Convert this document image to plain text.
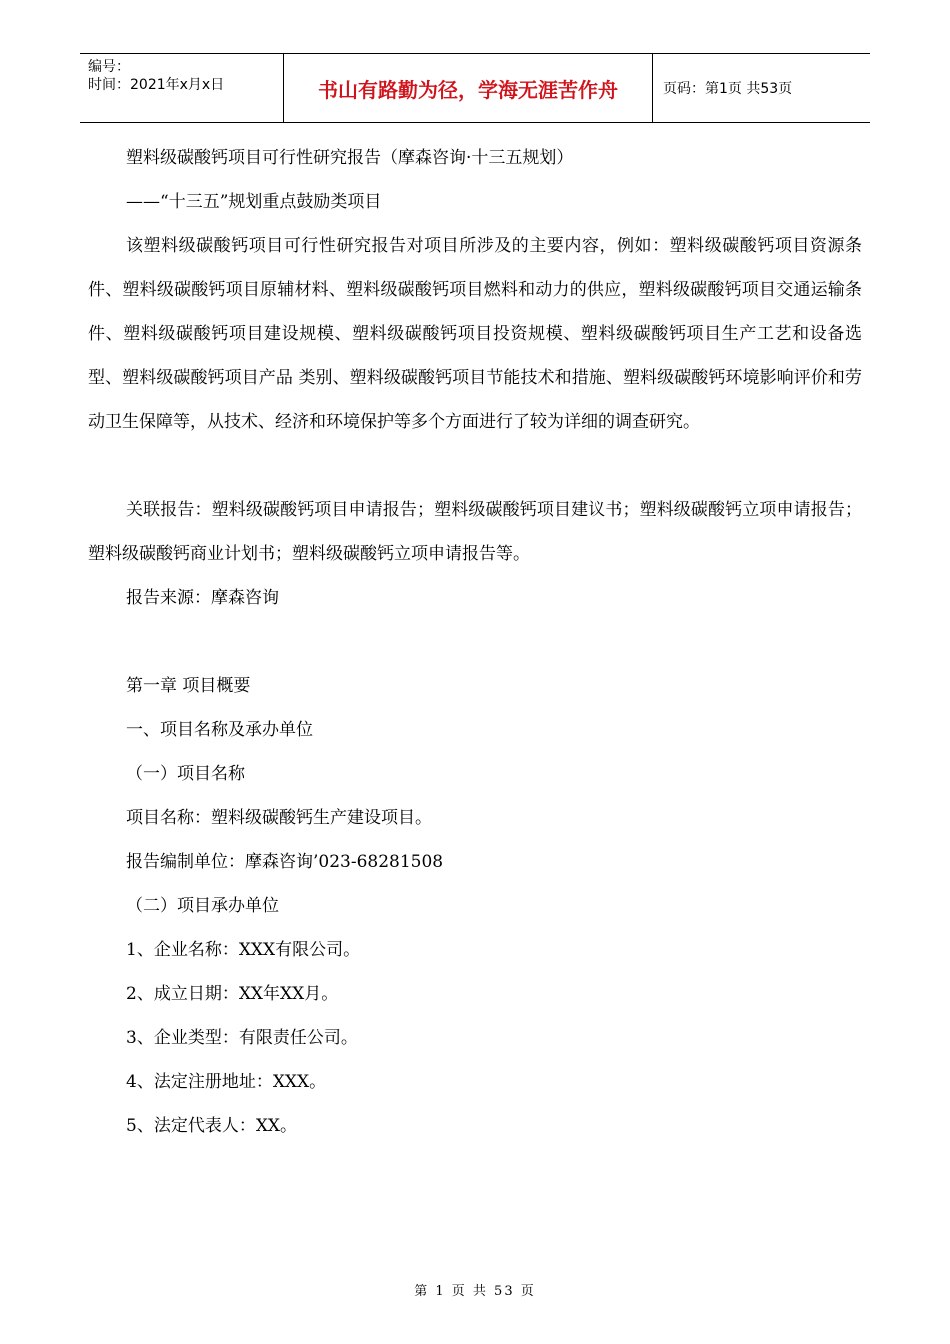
编号：
时间：2021年x月x日	书山有路勤为径，学海无涯苦作舟	页码：第1页 共53页

塑料级碳酸钙项目可行性研究报告（摩森咨询·十三五规划）

——“十三五”规划重点鼓励类项目

该塑料级碳酸钙项目可行性研究报告对项目所涉及的主要内容，例如：塑料级碳酸钙项目资源条件、塑料级碳酸钙项目原辅材料、塑料级碳酸钙项目燃料和动力的供应，塑料级碳酸钙项目交通运输条件、塑料级碳酸钙项目建设规模、塑料级碳酸钙项目投资规模、塑料级碳酸钙项目生产工艺和设备选型、塑料级碳酸钙项目产品 类别、塑料级碳酸钙项目节能技术和措施、塑料级碳酸钙环境影响评价和劳动卫生保障等，从技术、经济和环境保护等多个方面进行了较为详细的调查研究。

关联报告：塑料级碳酸钙项目申请报告；塑料级碳酸钙项目建议书；塑料级碳酸钙立项申请报告；塑料级碳酸钙商业计划书；塑料级碳酸钙立项申请报告等。

报告来源：摩森咨询

第一章 项目概要

一、项目名称及承办单位

（一）项目名称

项目名称：塑料级碳酸钙生产建设项目。

报告编制单位：摩森咨询’023-68281508

（二）项目承办单位

1、企业名称：XXX有限公司。

2、成立日期：XX年XX月。

3、企业类型：有限责任公司。

4、法定注册地址：XXX。

5、法定代表人：XX。

第 1 页 共 53 页
